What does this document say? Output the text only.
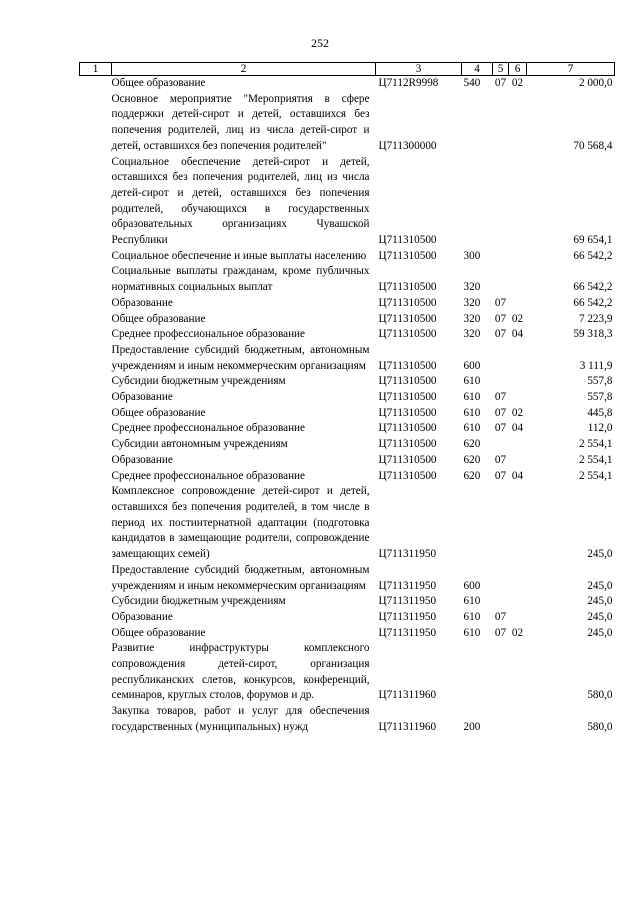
252
1	2	3	4	5	6	7
	Общее образование	Ц7112R9998	540	07	02	2 000,0
	Основное мероприятие "Мероприятия в сфере поддержки детей-сирот и детей, оставшихся без попечения родителей, лиц из числа детей-сирот и детей, оставшихся без попечения родителей"	Ц711300000				70 568,4
	Социальное обеспечение детей-сирот и детей, оставшихся без попечения родителей, лиц из числа детей-сирот и детей, оставшихся без попечения родителей, обучающихся в государственных образовательных организациях Чувашской Республики	Ц711310500				69 654,1
	Социальное обеспечение и иные выплаты населению	Ц711310500	300			66 542,2
	Социальные выплаты гражданам, кроме публичных нормативных социальных выплат	Ц711310500	320			66 542,2
	Образование	Ц711310500	320	07		66 542,2
	Общее образование	Ц711310500	320	07	02	7 223,9
	Среднее профессиональное образование	Ц711310500	320	07	04	59 318,3
	Предоставление субсидий бюджетным, автономным учреждениям и иным некоммерческим организациям	Ц711310500	600			3 111,9
	Субсидии бюджетным учреждениям	Ц711310500	610			557,8
	Образование	Ц711310500	610	07		557,8
	Общее образование	Ц711310500	610	07	02	445,8
	Среднее профессиональное образование	Ц711310500	610	07	04	112,0
	Субсидии автономным учреждениям	Ц711310500	620			2 554,1
	Образование	Ц711310500	620	07		2 554,1
	Среднее профессиональное образование	Ц711310500	620	07	04	2 554,1
	Комплексное сопровождение детей-сирот и детей, оставшихся без попечения родителей, в том числе в период их постинтернатной адаптации (подготовка кандидатов в замещающие родители, сопровождение замещающих семей)	Ц711311950				245,0
	Предоставление субсидий бюджетным, автономным учреждениям и иным некоммерческим организациям	Ц711311950	600			245,0
	Субсидии бюджетным учреждениям	Ц711311950	610			245,0
	Образование	Ц711311950	610	07		245,0
	Общее образование	Ц711311950	610	07	02	245,0
	Развитие инфраструктуры комплексного сопровождения детей-сирот, организация республиканских слетов, конкурсов, конференций, семинаров, круглых столов, форумов и др.	Ц711311960				580,0
	Закупка товаров, работ и услуг для обеспечения государственных (муниципальных) нужд	Ц711311960	200			580,0
